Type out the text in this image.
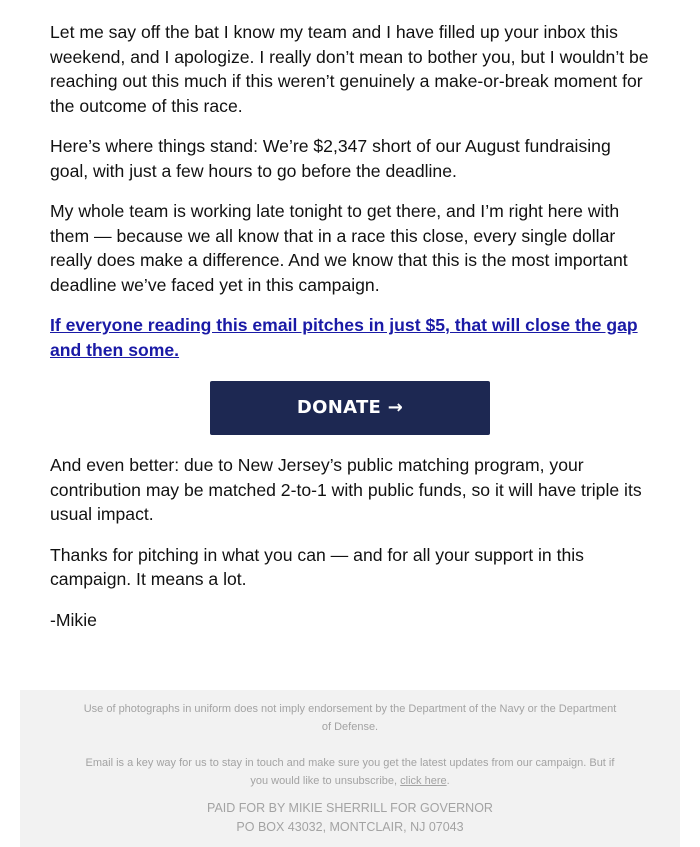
Let me say off the bat I know my team and I have filled up your inbox this weekend, and I apologize. I really don’t mean to bother you, but I wouldn’t be reaching out this much if this weren’t genuinely a make-or-break moment for the outcome of this race.

Here’s where things stand: We’re $2,347 short of our August fundraising goal, with just a few hours to go before the deadline.

My whole team is working late tonight to get there, and I’m right here with them — because we all know that in a race this close, every single dollar really does make a difference. And we know that this is the most important deadline we’ve faced yet in this campaign.

If everyone reading this email pitches in just $5, that will close the gap and then some.

DONATE →

And even better: due to New Jersey’s public matching program, your contribution may be matched 2-to-1 with public funds, so it will have triple its usual impact.

Thanks for pitching in what you can — and for all your support in this campaign. It means a lot.

-Mikie

Use of photographs in uniform does not imply endorsement by the Department of the Navy or the Department of Defense.

Email is a key way for us to stay in touch and make sure you get the latest updates from our campaign. But if you would like to unsubscribe, click here.

PAID FOR BY MIKIE SHERRILL FOR GOVERNOR
PO BOX 43032, MONTCLAIR, NJ 07043
